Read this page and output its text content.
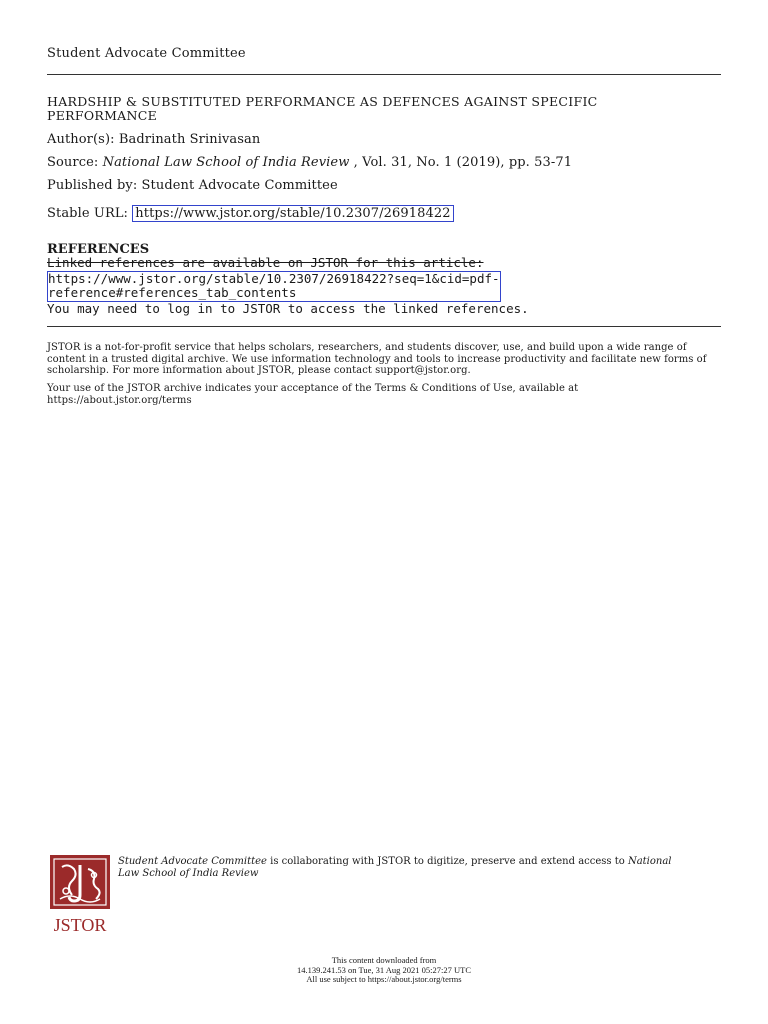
Student Advocate Committee
HARDSHIP & SUBSTITUTED PERFORMANCE AS DEFENCES AGAINST SPECIFIC PERFORMANCE
Author(s): Badrinath Srinivasan
Source: National Law School of India Review , Vol. 31, No. 1 (2019), pp. 53-71
Published by: Student Advocate Committee
Stable URL: https://www.jstor.org/stable/10.2307/26918422
REFERENCES
Linked references are available on JSTOR for this article:
https://www.jstor.org/stable/10.2307/26918422?seq=1&cid=pdf-
reference#references_tab_contents
You may need to log in to JSTOR to access the linked references.

JSTOR is a not-for-profit service that helps scholars, researchers, and students discover, use, and build upon a wide range of content in a trusted digital archive. We use information technology and tools to increase productivity and facilitate new forms of scholarship. For more information about JSTOR, please contact support@jstor.org.

Your use of the JSTOR archive indicates your acceptance of the Terms & Conditions of Use, available at https://about.jstor.org/terms

JSTOR

Student Advocate Committee is collaborating with JSTOR to digitize, preserve and extend access to National Law School of India Review

This content downloaded from
14.139.241.53 on Tue, 31 Aug 2021 05:27:27 UTC
All use subject to https://about.jstor.org/terms
